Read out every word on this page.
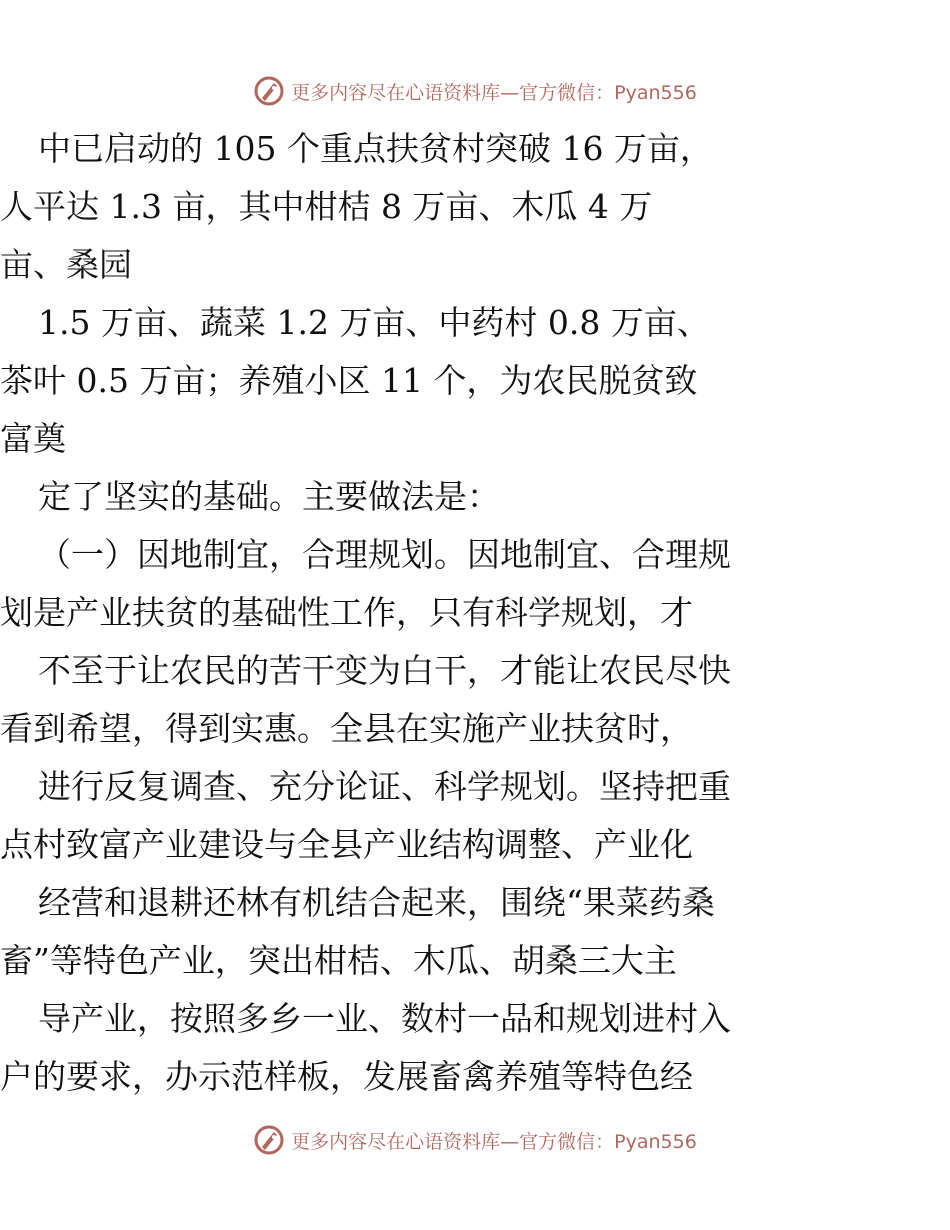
更多内容尽在心语资料库—官方微信：Pyan556
中已启动的 105 个重点扶贫村突破 16 万亩，
人平达 1.3 亩，其中柑桔 8 万亩、木瓜 4 万
亩、桑园
1.5 万亩、蔬菜 1.2 万亩、中药村 0.8 万亩、
茶叶 0.5 万亩；养殖小区 11 个，为农民脱贫致
富奠
定了坚实的基础。主要做法是：
（一）因地制宜，合理规划。因地制宜、合理规
划是产业扶贫的基础性工作，只有科学规划，才
不至于让农民的苦干变为白干，才能让农民尽快
看到希望，得到实惠。全县在实施产业扶贫时，
进行反复调查、充分论证、科学规划。坚持把重
点村致富产业建设与全县产业结构调整、产业化
经营和退耕还林有机结合起来，围绕“果菜药桑
畜”等特色产业，突出柑桔、木瓜、胡桑三大主
导产业，按照多乡一业、数村一品和规划进村入
户的要求，办示范样板，发展畜禽养殖等特色经
更多内容尽在心语资料库—官方微信：Pyan556
